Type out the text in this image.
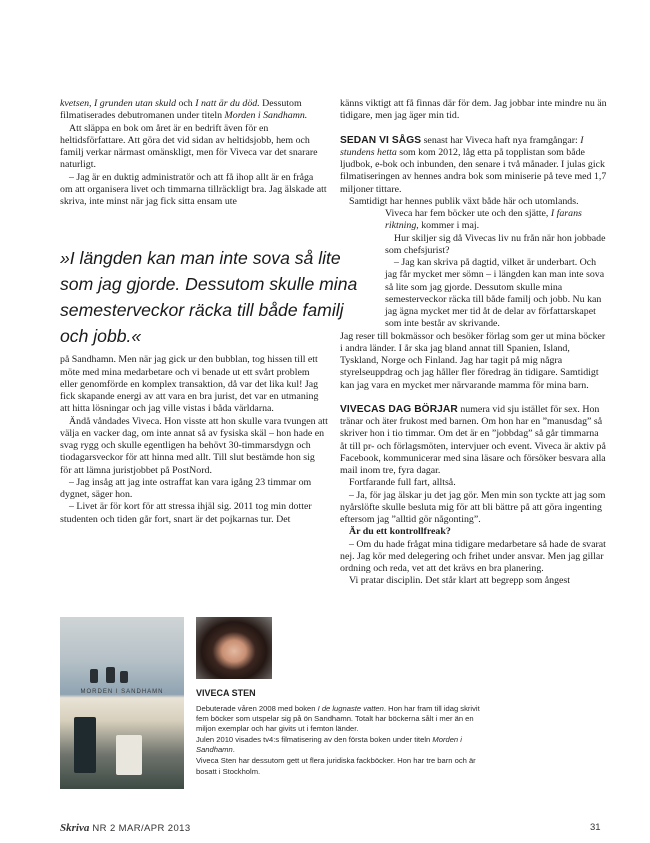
kvetsen, I grunden utan skuld och I natt är du död. Dessutom filmatiserades debutromanen under titeln Morden i Sandhamn.

Att släppa en bok om året är en bedrift även för en heltidsförfattare. Att göra det vid sidan av heltidsjobb, hem och familj verkar närmast omänskligt, men för Viveca var det snarare naturligt.

– Jag är en duktig administratör och att få ihop allt är en fråga om att organisera livet och timmarna tillräckligt bra. Jag älskade att skriva, inte minst när jag fick sitta ensam ute

på Sandhamn. Men när jag gick ur den bubblan, tog hissen till ett möte med mina medarbetare och vi benade ut ett svårt problem eller genomförde en komplex transaktion, då var det lika kul! Jag fick skapande energi av att vara en bra jurist, det var en utmaning att hitta lösningar och jag ville vistas i båda världarna.

Ändå våndades Viveca. Hon visste att hon skulle vara tvungen att välja en vacker dag, om inte annat så av fysiska skäl – hon hade en svag rygg och skulle egentligen ha behövt 30-timmarsdygn och tiodagarsveckor för att hinna med allt. Till slut bestämde hon sig för att lämna juristjobbet på PostNord.

– Jag insåg att jag inte ostraffat kan vara igång 23 timmar om dygnet, säger hon.

– Livet är för kort för att stressa ihjäl sig. 2011 tog min dotter studenten och tiden går fort, snart är det pojkarnas tur. Det

»I längden kan man inte sova så lite som jag gjorde. Dessutom skulle mina semesterveckor räcka till både familj och jobb.«

känns viktigt att få finnas där för dem. Jag jobbar inte mindre nu än tidigare, men jag äger min tid.

SEDAN VI SÅGS senast har Viveca haft nya framgångar: I stundens hetta som kom 2012, låg etta på topplistan som både ljudbok, e-bok och inbunden, den senare i två månader. I julas gick filmatiseringen av hennes andra bok som miniserie på teve med 1,7 miljoner tittare.

Samtidigt har hennes publik växt både här och utomlands.

Viveca har fem böcker ute och den sjätte, I farans riktning, kommer i maj.

Hur skiljer sig då Vivecas liv nu från när hon jobbade som chefsjurist?

– Jag kan skriva på dagtid, vilket är underbart. Och jag får mycket mer sömn – i längden kan man inte sova så lite som jag gjorde. Dessutom skulle mina semesterveckor räcka till både familj och jobb. Nu kan jag ägna mycket mer tid åt de delar av författarskapet som inte består av skrivande.

Jag reser till bokmässor och besöker förlag som ger ut mina böcker i andra länder. I år ska jag bland annat till Spanien, Island, Tyskland, Norge och Finland. Jag har tagit på mig några styrelseuppdrag och jag håller fler föredrag än tidigare. Samtidigt kan jag vara en mycket mer närvarande mamma för mina barn.

VIVECAS DAG BÖRJAR numera vid sju istället för sex. Hon tränar och äter frukost med barnen. Om hon har en ”manusdag” så skriver hon i tio timmar. Om det är en ”jobbdag” så går timmarna åt till pr- och förlagsmöten, intervjuer och event. Viveca är aktiv på Facebook, kommunicerar med sina läsare och försöker besvara alla mail inom tre, fyra dagar.

Fortfarande full fart, alltså.

– Ja, för jag älskar ju det jag gör. Men min son tyckte att jag som nyårslöfte skulle besluta mig för att bli bättre på att göra ingenting eftersom jag ”alltid gör någonting”.

Är du ett kontrollfreak?

– Om du hade frågat mina tidigare medarbetare så hade de svarat nej. Jag kör med delegering och frihet under ansvar. Men jag gillar ordning och reda, vet att det krävs en bra planering.

Vi pratar disciplin. Det står klart att begrepp som ångest

MORDEN I SANDHAMN	VIVECA STEN

Debuterade våren 2008 med boken I de lugnaste vatten. Hon har fram till idag skrivit fem böcker som utspelar sig på ön Sandhamn. Totalt har böckerna sålt i mer än en miljon exemplar och har givits ut i femton länder.

Julen 2010 visades tv4:s filmatisering av den första boken under titeln Morden i Sandhamn.

Viveca Sten har dessutom gett ut flera juridiska fackböcker. Hon har tre barn och är bosatt i Stockholm.

Skriva NR 2 MAR/APR 2013	31
